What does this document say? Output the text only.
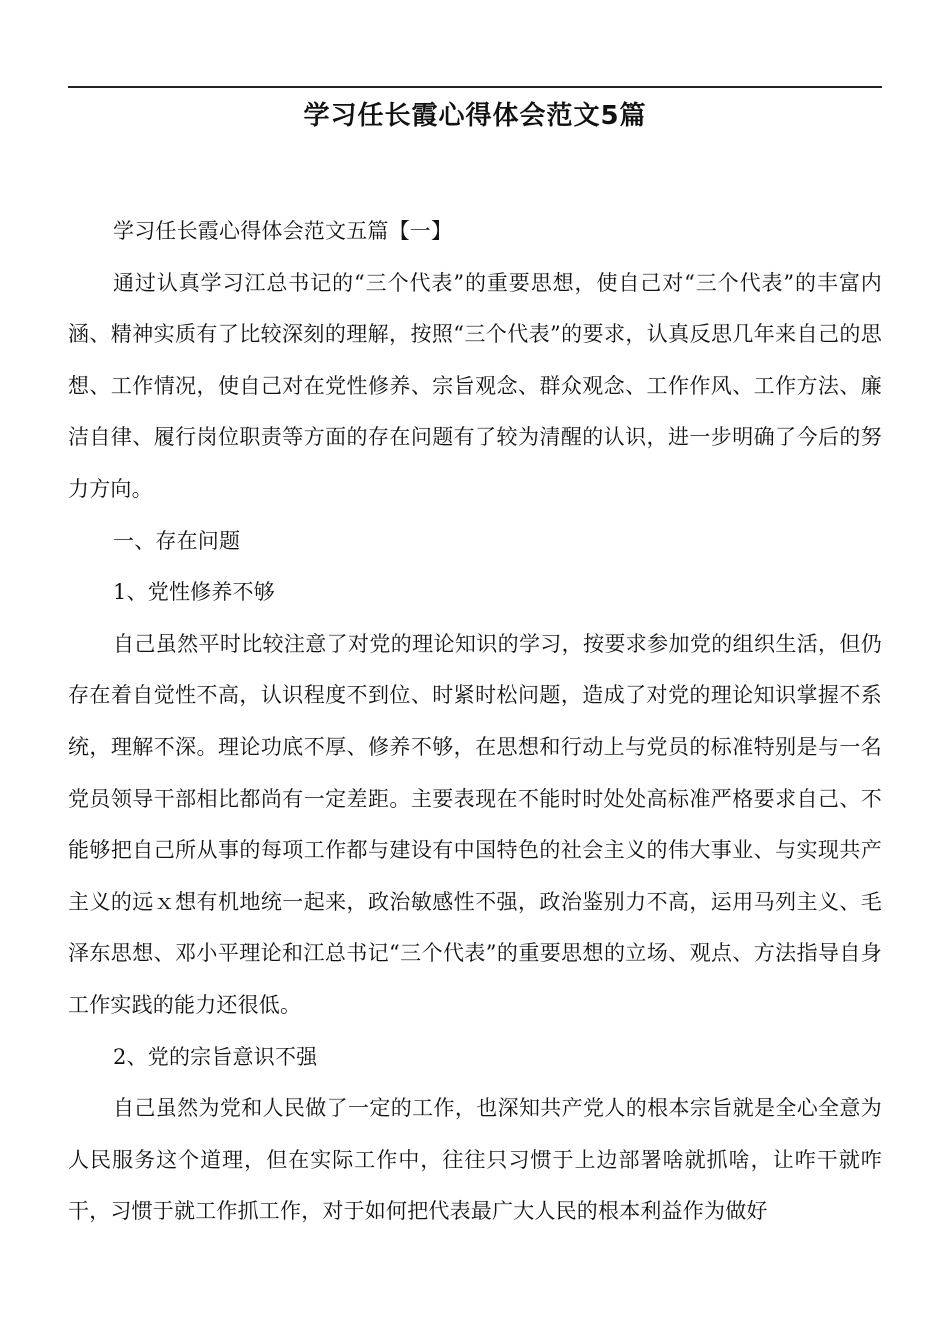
学习任长霞心得体会范文5篇

学习任长霞心得体会范文五篇【一】

通过认真学习江总书记的“三个代表”的重要思想，使自己对“三个代表”的丰富内涵、精神实质有了比较深刻的理解，按照“三个代表”的要求，认真反思几年来自己的思想、工作情况，使自己对在党性修养、宗旨观念、群众观念、工作作风、工作方法、廉洁自律、履行岗位职责等方面的存在问题有了较为清醒的认识，进一步明确了今后的努力方向。

一、存在问题

1、党性修养不够

自己虽然平时比较注意了对党的理论知识的学习，按要求参加党的组织生活，但仍存在着自觉性不高，认识程度不到位、时紧时松问题，造成了对党的理论知识掌握不系统，理解不深。理论功底不厚、修养不够，在思想和行动上与党员的标准特别是与一名党员领导干部相比都尚有一定差距。主要表现在不能时时处处高标准严格要求自己、不能够把自己所从事的每项工作都与建设有中国特色的社会主义的伟大事业、与实现共产主义的远ｘ想有机地统一起来，政治敏感性不强，政治鉴别力不高，运用马列主义、毛泽东思想、邓小平理论和江总书记“三个代表”的重要思想的立场、观点、方法指导自身工作实践的能力还很低。

2、党的宗旨意识不强

自己虽然为党和人民做了一定的工作，也深知共产党人的根本宗旨就是全心全意为人民服务这个道理，但在实际工作中，往往只习惯于上边部署啥就抓啥，让咋干就咋干，习惯于就工作抓工作，对于如何把代表最广大人民的根本利益作为做好
